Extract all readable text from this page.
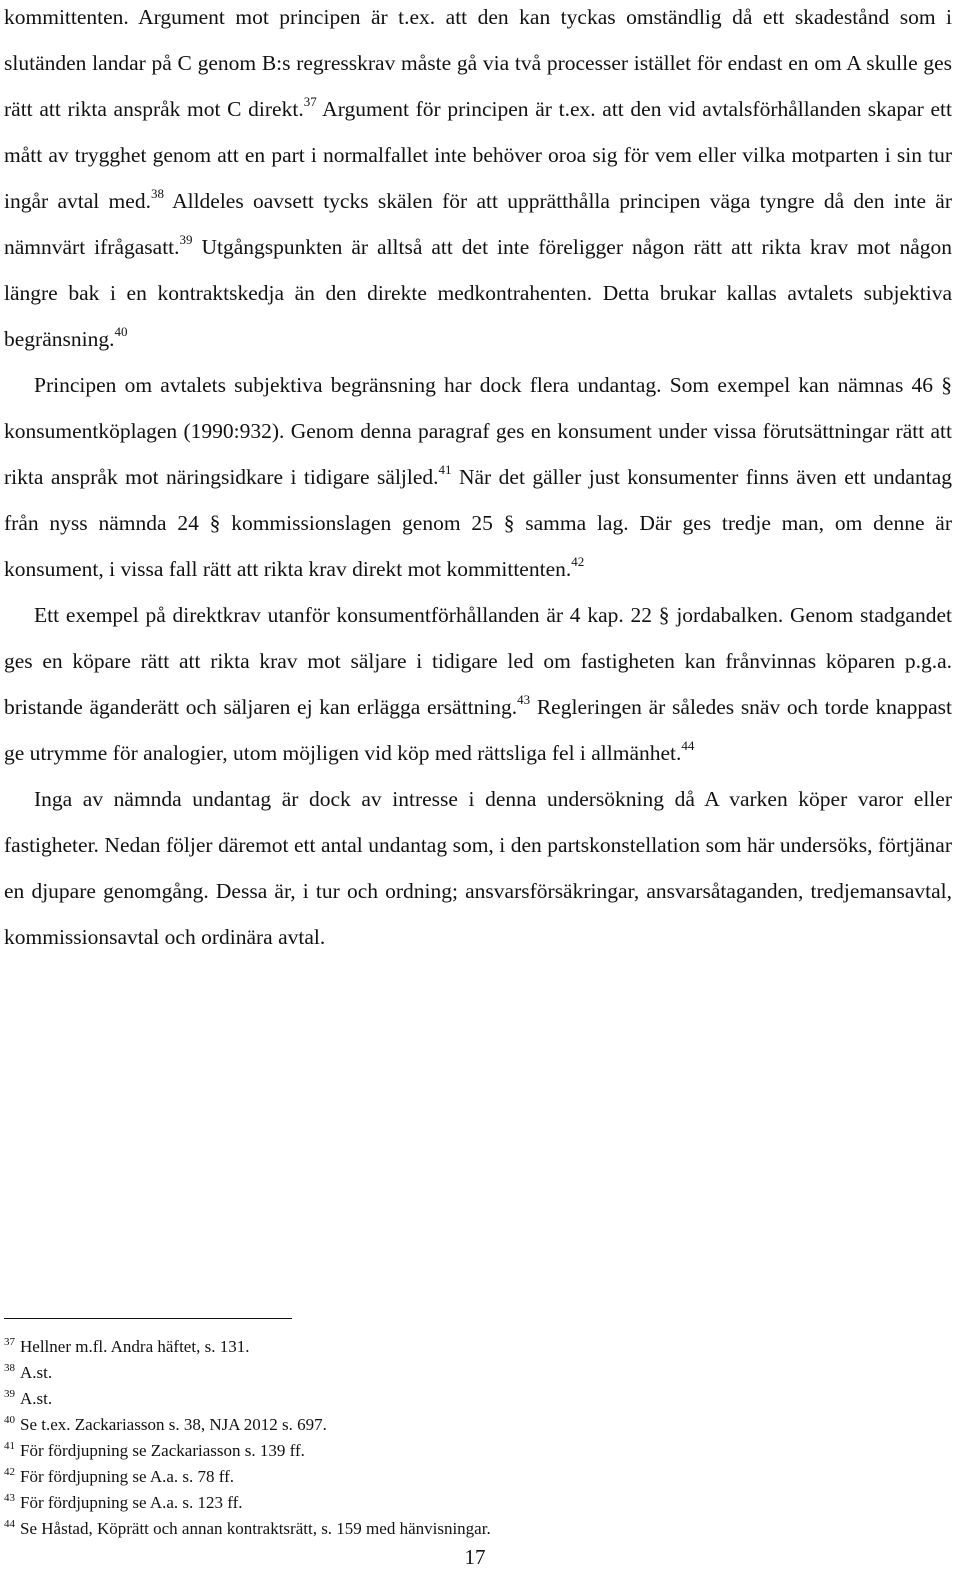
kommittenten. Argument mot principen är t.ex. att den kan tyckas omständlig då ett skadestånd som i slutänden landar på C genom B:s regresskrav måste gå via två processer istället för endast en om A skulle ges rätt att rikta anspråk mot C direkt.$^{37}$ Argument för principen är t.ex. att den vid avtalsförhållanden skapar ett mått av trygghet genom att en part i normalfallet inte behöver oroa sig för vem eller vilka motparten i sin tur ingår avtal med.$^{38}$ Alldeles oavsett tycks skälen för att upprätthålla principen väga tyngre då den inte är nämnvärt ifrågasatt.$^{39}$ Utgångspunkten är alltså att det inte föreligger någon rätt att rikta krav mot någon längre bak i en kontraktskedja än den direkte medkontrahenten. Detta brukar kallas avtalets subjektiva begränsning.$^{40}$

Principen om avtalets subjektiva begränsning har dock flera undantag. Som exempel kan nämnas 46 § konsumentköplagen (1990:932). Genom denna paragraf ges en konsument under vissa förutsättningar rätt att rikta anspråk mot näringsidkare i tidigare säljled.$^{41}$ När det gäller just konsumenter finns även ett undantag från nyss nämnda 24 § kommissionslagen genom 25 § samma lag. Där ges tredje man, om denne är konsument, i vissa fall rätt att rikta krav direkt mot kommittenten.$^{42}$

Ett exempel på direktkrav utanför konsumentförhållanden är 4 kap. 22 § jordabalken. Genom stadgandet ges en köpare rätt att rikta krav mot säljare i tidigare led om fastigheten kan frånvinnas köparen p.g.a. bristande äganderätt och säljaren ej kan erlägga ersättning.$^{43}$ Regleringen är således snäv och torde knappast ge utrymme för analogier, utom möjligen vid köp med rättsliga fel i allmänhet.$^{44}$

Inga av nämnda undantag är dock av intresse i denna undersökning då A varken köper varor eller fastigheter. Nedan följer däremot ett antal undantag som, i den partskonstellation som här undersöks, förtjänar en djupare genomgång. Dessa är, i tur och ordning; ansvarsförsäkringar, ansvarsåtaganden, tredjemansavtal, kommissionsavtal och ordinära avtal.

$^{37}$ Hellner m.fl. Andra häftet, s. 131.
$^{38}$ A.st.
$^{39}$ A.st.
$^{40}$ Se t.ex. Zackariasson s. 38, NJA 2012 s. 697.
$^{41}$ För fördjupning se Zackariasson s. 139 ff.
$^{42}$ För fördjupning se A.a. s. 78 ff.
$^{43}$ För fördjupning se A.a. s. 123 ff.
$^{44}$ Se Håstad, Köprätt och annan kontraktsrätt, s. 159 med hänvisningar.
17
